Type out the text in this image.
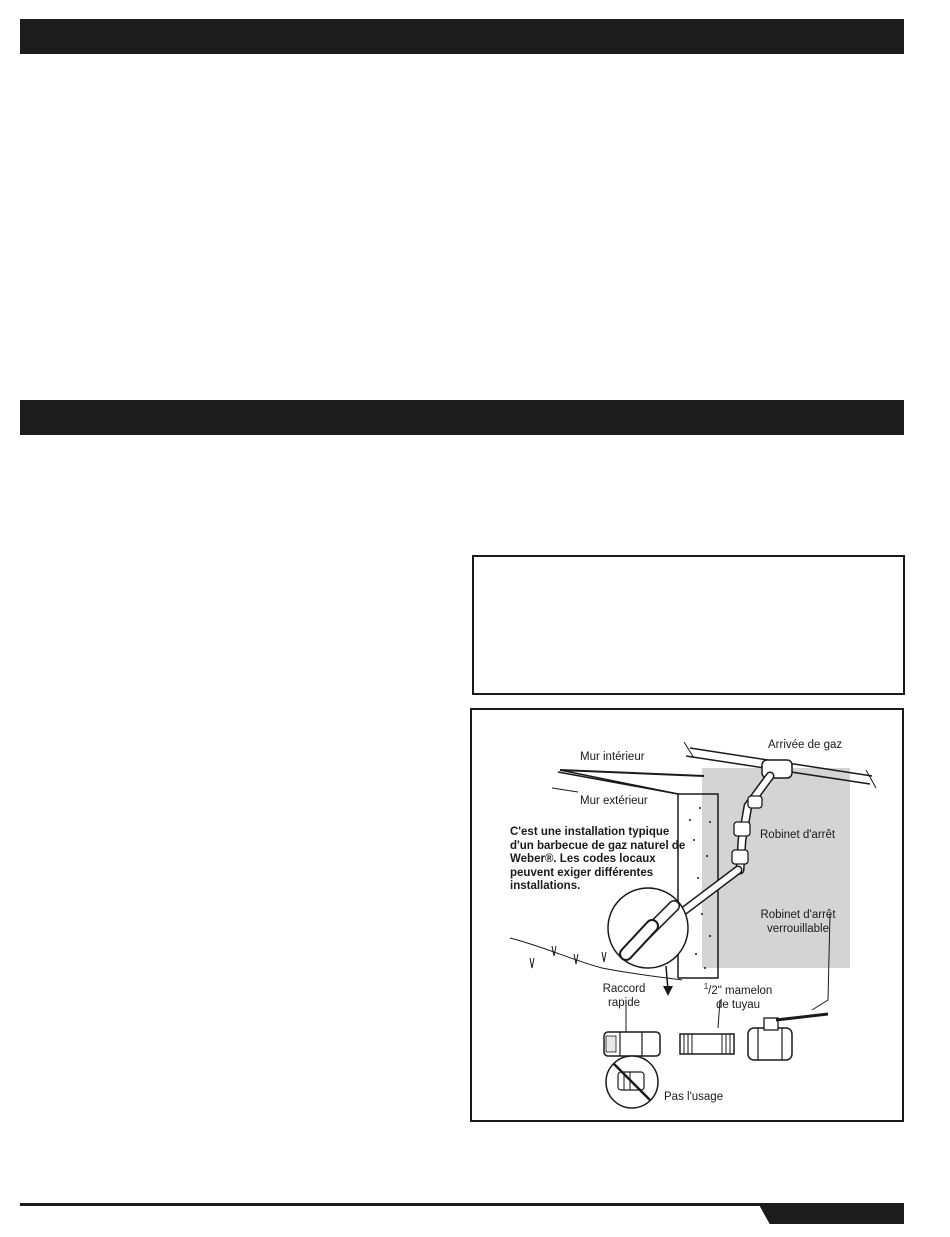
Mur intérieur
Mur extérieur
Arrivée de gaz
Robinet d'arrêt
Robinet d'arrêt
verrouillable
C'est une installation typique d'un barbecue de gaz naturel de Weber®. Les codes locaux peuvent exiger différentes installations.
Raccord
rapide
$^1$/2" mamelon
de tuyau
Pas l'usage
